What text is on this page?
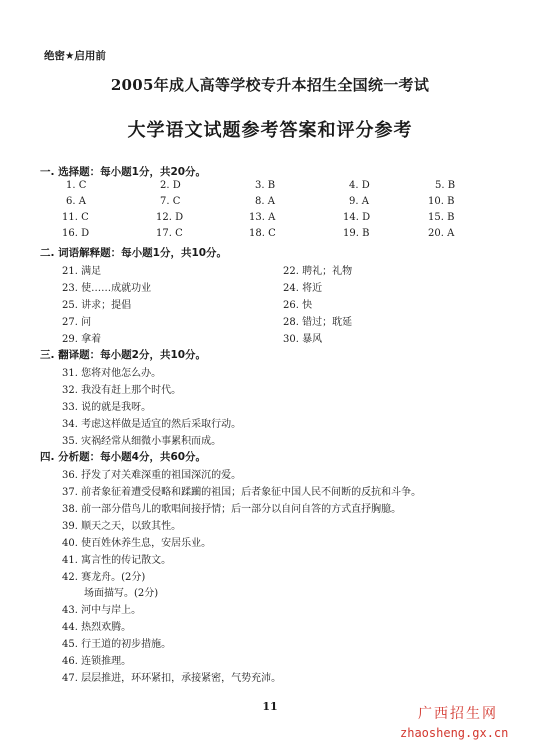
绝密★启用前
2005年成人高等学校专升本招生全国统一考试
大学语文试题参考答案和评分参考
一. 选择题：每小题1分，共20分。
1. C	2. D	3. B	4. D	5. B
6. A	7. C	8. A	9. A	10. B
11. C	12. D	13. A	14. D	15. B
16. D	17. C	18. C	19. B	20. A
二. 词语解释题：每小题1分，共10分。
21. 满足	22. 聘礼；礼物
23. 使……成就功业	24. 将近
25. 讲求；提倡	26. 快
27. 问	28. 错过；耽延
29. 拿着	30. 暴风
三. 翻译题：每小题2分，共10分。
31. 您将对他怎么办。
32. 我没有赶上那个时代。
33. 说的就是我呀。
34. 考虑这样做是适宜的然后采取行动。
35. 灾祸经常从细微小事累积而成。
四. 分析题：每小题4分，共60分。
36. 抒发了对关难深重的祖国深沉的爱。
37. 前者象征着遭受侵略和蹂躏的祖国；后者象征中国人民不间断的反抗和斗争。
38. 前一部分借鸟儿的歌唱间接抒情；后一部分以自问自答的方式直抒胸臆。
39. 顺天之天，以致其性。
40. 使百姓休养生息，安居乐业。
41. 寓言性的传记散文。
42. 赛龙舟。(2分)
场面描写。(2分)
43. 河中与岸上。
44. 热烈欢腾。
45. 行王道的初步措施。
46. 连锁推理。
47. 层层推进，环环紧扣，承接紧密，气势充沛。
11	广西招生网
zhaosheng.gx.cn
